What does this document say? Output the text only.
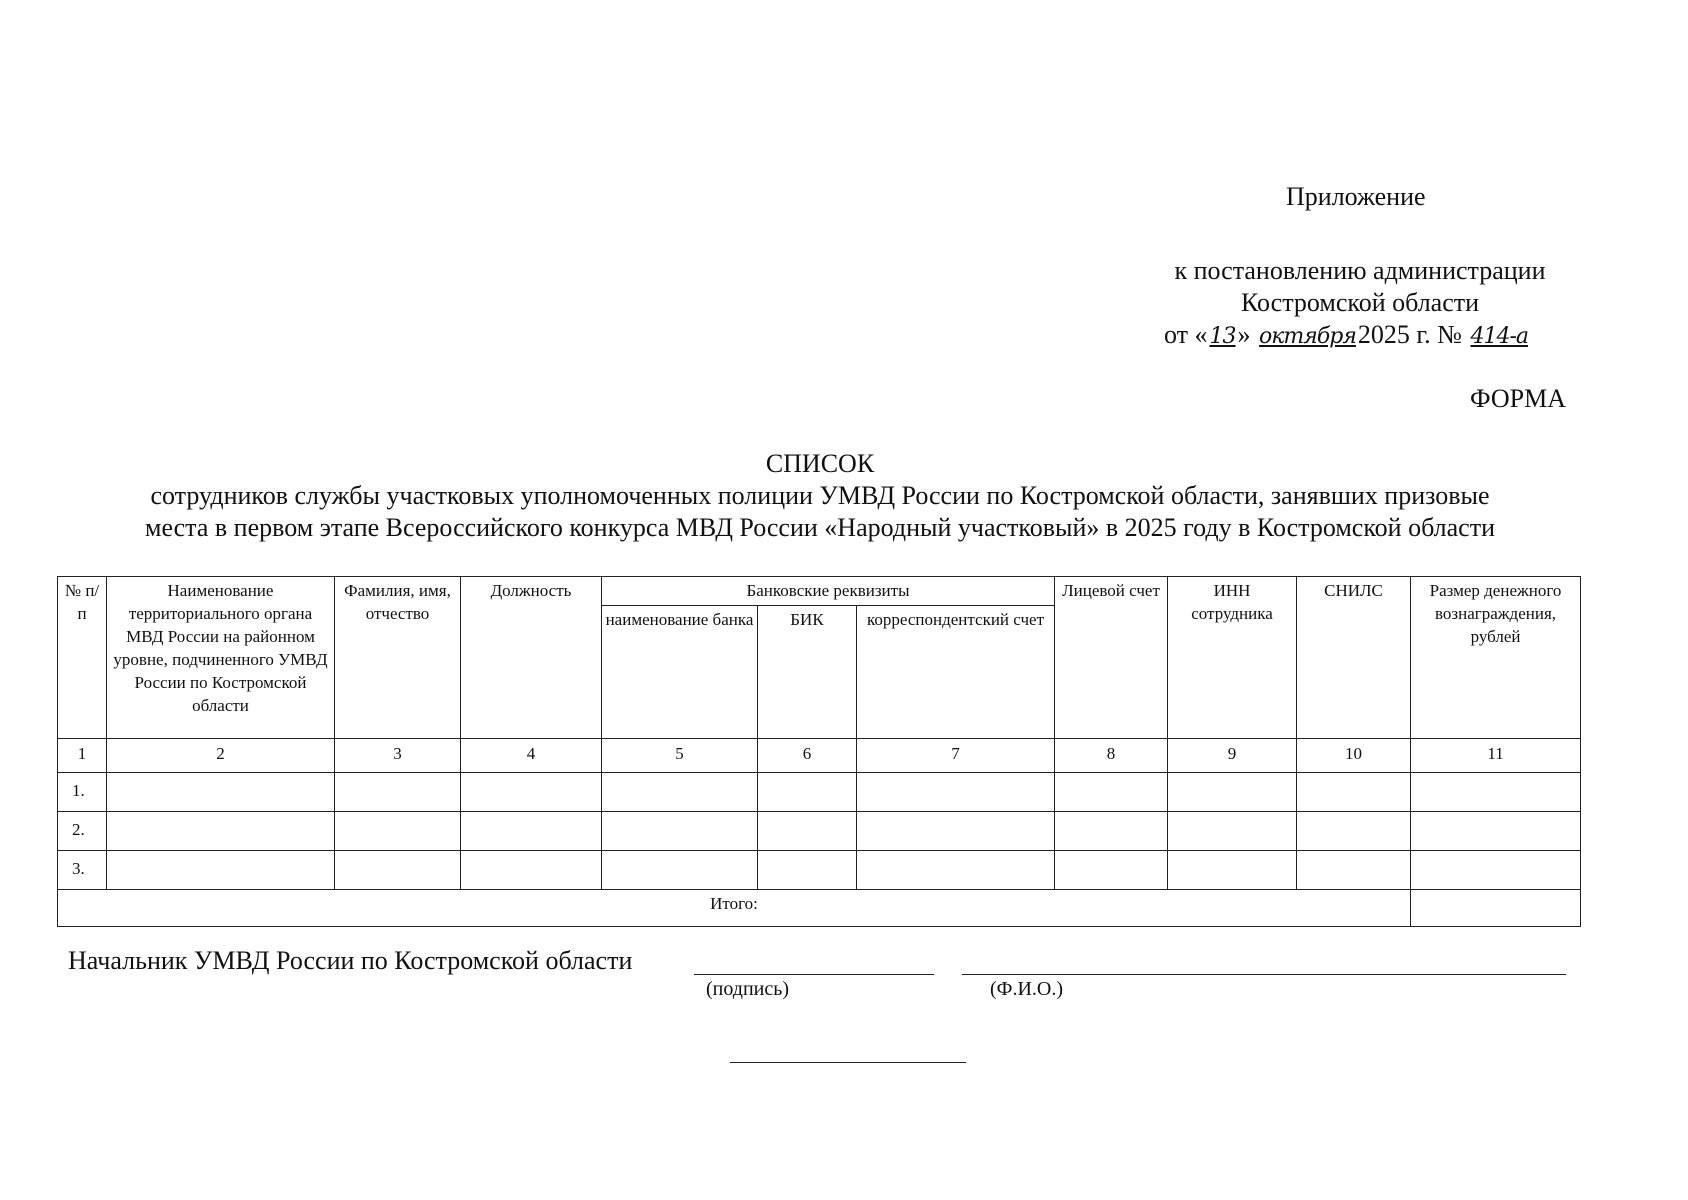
Приложение
к постановлению администрации
Костромской области
от «13» октября2025 г. № 414-а
ФОРМА
СПИСОК
сотрудников службы участковых уполномоченных полиции УМВД России по Костромской области, занявших призовые
места в первом этапе Всероссийского конкурса МВД России «Народный участковый» в 2025 году в Костромской области
№ п/п	Наименование территориального органа МВД России на районном уровне, подчиненного УМВД России по Костромской области	Фамилия, имя, отчество	Должность	Банковские реквизиты			Лицевой счет	ИНН сотрудника	СНИЛС	Размер денежного вознаграждения, рублей
				наименование банка	БИК	корреспондентский счет				
1	2	3	4	5	6	7	8	9	10	11
1.										
2.										
3.										
Итого:										
Начальник УМВД России по Костромской области
(подпись)	(Ф.И.О.)
